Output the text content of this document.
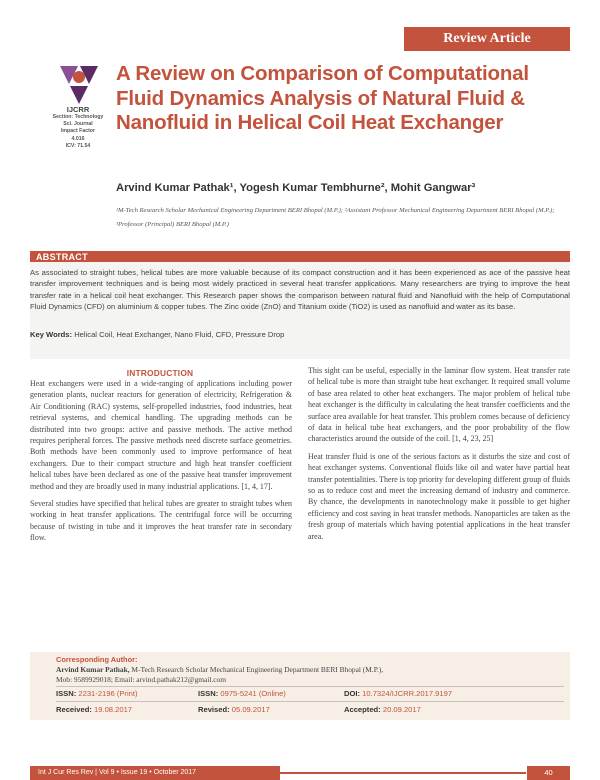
Review Article
IJCRR
Section: Technology
Sci. Journal
Impact Factor
4.016
ICV: 71.54
A Review on Comparison of Computational Fluid Dynamics Analysis of Natural Fluid & Nanofluid in Helical Coil Heat Exchanger
Arvind Kumar Pathak¹, Yogesh Kumar Tembhurne², Mohit Gangwar³
¹M-Tech Research Scholar Mechanical Engineering Department BERI Bhopal (M.P.); ²Assistant Professor Mechanical Engineering Department BERI Bhopal (M.P.); ³Professor (Principal) BERI Bhopal (M.P.)
ABSTRACT
As associated to straight tubes, helical tubes are more valuable because of its compact construction and it has been experienced as ace of the passive heat transfer improvement techniques and is being most widely practiced in several heat transfer applications. Many researchers are trying to improve the heat transfer rate in a helical coil heat exchanger. This Research paper shows the comparison between natural fluid and Nanofluid with the help of Computational Fluid Dynamics (CFD) on aluminium & copper tubes. The Zinc oxide (ZnO) and Titanium oxide (TiO2) is used as nanofluid and water as its base.
Key Words: Helical Coil, Heat Exchanger, Nano Fluid, CFD, Pressure Drop
INTRODUCTION

Heat exchangers were used in a wide-ranging of applications including power generation plants, nuclear reactors for generation of electricity, Refrigeration & Air Conditioning (RAC) systems, self-propelled industries, food industries, heat retrieval systems, and chemical handling. The upgrading methods can be distributed into two groups: active and passive methods. The active method requires peripheral forces. The passive methods need discrete surface geometries. Both methods have been commonly used to improve performance of heat exchangers. Due to their compact structure and high heat transfer coefficient helical tubes have been declared as one of the passive heat transfer improvement method and they are broadly used in many industrial applications. [1, 4, 17].

Several studies have specified that helical tubes are greater to straight tubes when working in heat transfer applications. The centrifugal force will be occurring because of twisting in tube and it improves the heat transfer rate in secondary flow.

This sight can be useful, especially in the laminar flow system. Heat transfer rate of helical tube is more than straight tube heat exchanger. It required small volume of base area related to other heat exchangers. The major problem of helical tube heat exchanger is the difficulty in calculating the heat transfer coefficients and the surface area available for heat transfer. This problem comes because of deficiency of data in helical tube heat exchangers, and the poor probability of the flow characteristics around the outside of the coil. [1, 4, 23, 25]

Heat transfer fluid is one of the serious factors as it disturbs the size and cost of heat exchanger systems. Conventional fluids like oil and water have partial heat transfer potentialities. There is top priority for developing different group of fluids so as to reduce cost and meet the increasing demand of industry and commerce. By chance, the developments in nanotechnology make it possible to get higher efficiency and cost saving in heat transfer methods. Nanoparticles are taken as the fresh group of materials which having potential applications in the heat transfer area.

Corresponding Author:
Arvind Kumar Pathak, M-Tech Research Scholar Mechanical Engineering Department BERI Bhopal (M.P.),
Mob: 9589929018; Email: arvind.pathak212@gmail.com
ISSN: 2231-2196 (Print)	ISSN: 0975-5241 (Online)	DOI: 10.7324/IJCRR.2017.9197
Received: 19.08.2017	Revised: 05.09.2017	Accepted: 20.09.2017
Int J Cur Res Rev | Vol 9 • Issue 19 • October 2017	40
